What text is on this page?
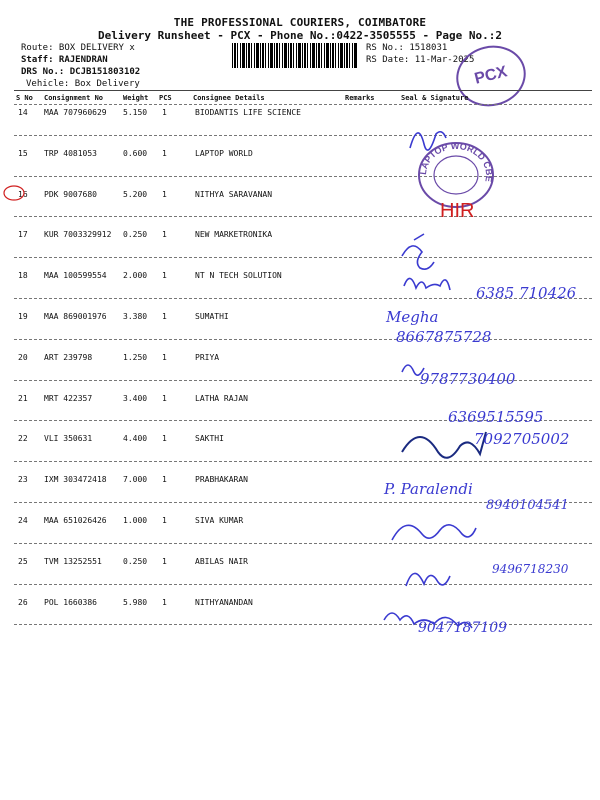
THE PROFESSIONAL COURIERS, COIMBATORE
Delivery Runsheet - PCX - Phone No.:0422-3505555 - Page No.:2
Route: BOX DELIVERY x
Staff: RAJENDRAN
DRS No.: DCJB151803102
Vehicle: Box Delivery
RS No.: 1518031
RS Date: 11-Mar-2025
PCX
S No Consignment No	Weight PCS	Consignee Details	Remarks	Seal & Signature
14 MAA 707960629 5.150 1	BIODANTIS LIFE SCIENCE
15 TRP 4081053	0.600 1	LAPTOP WORLD
16 PDK 9007680	5.200 1	NITHYA SARAVANAN
17 KUR 7003329912 0.250 1	NEW MARKETRONIKA
18 MAA 100599554 2.000 1	NT N TECH SOLUTION
19 MAA 869001976 3.380 1	SUMATHI
20 ART 239798	1.250 1	PRIYA
21 MRT 422357	3.400 1	LATHA RAJAN
22 VLI 350631	4.400 1	SAKTHI
23 IXM 303472418 7.000 1	PRABHAKARAN
24 MAA 651026426 1.000 1	SIVA KUMAR
25 TVM 13252551	0.250 1	ABILAS NAIR
26 POL 1660386	5.980 1	NITHYANANDAN
LAPTOP WORLD CBE
HIR
6385 710426
Megha
8667875728
9787730400
6369515595
7092705002
P. Paralendi
8940104541
9496718230
9047187109
